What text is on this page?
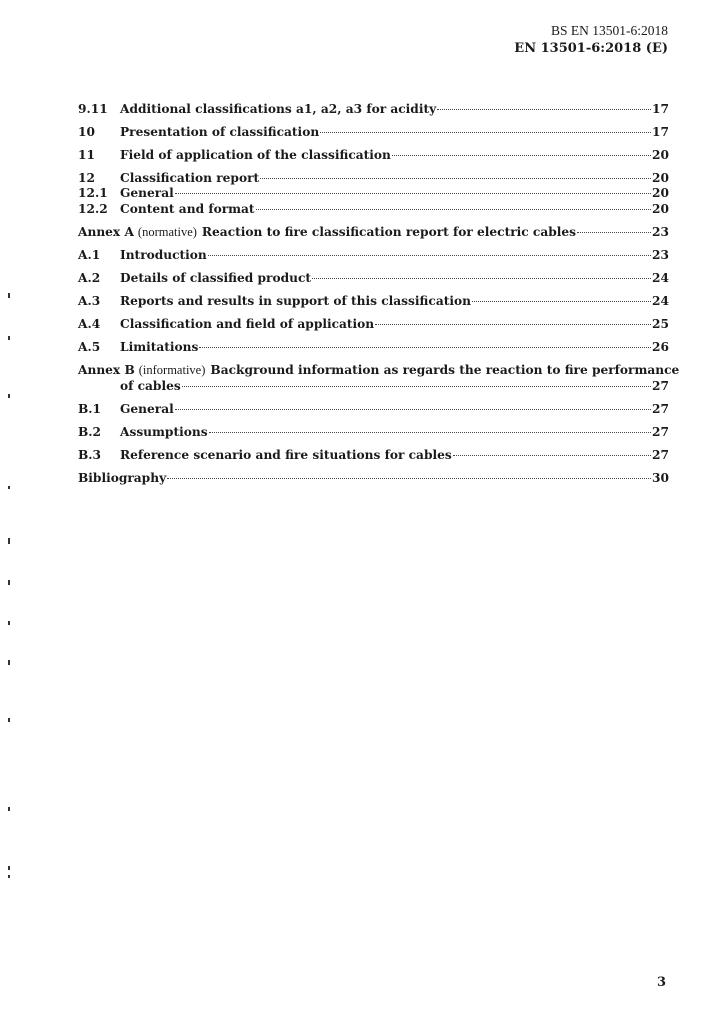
BS EN 13501-6:2018
EN 13501-6:2018 (E)
9.11	Additional classifications a1, a2, a3 for acidity	17
10	Presentation of classification	17
11	Field of application of the classification	20
12	Classification report	20
12.1	General	20
12.2	Content and format	20
Annex A (normative) Reaction to fire classification report for electric cables	23
A.1	Introduction	23
A.2	Details of classified product	24
A.3	Reports and results in support of this classification	24
A.4	Classification and field of application	25
A.5	Limitations	26
Annex B (informative) Background information as regards the reaction to fire performance
of cables	27
B.1	General	27
B.2	Assumptions	27
B.3	Reference scenario and fire situations for cables	27
Bibliography	30
3
